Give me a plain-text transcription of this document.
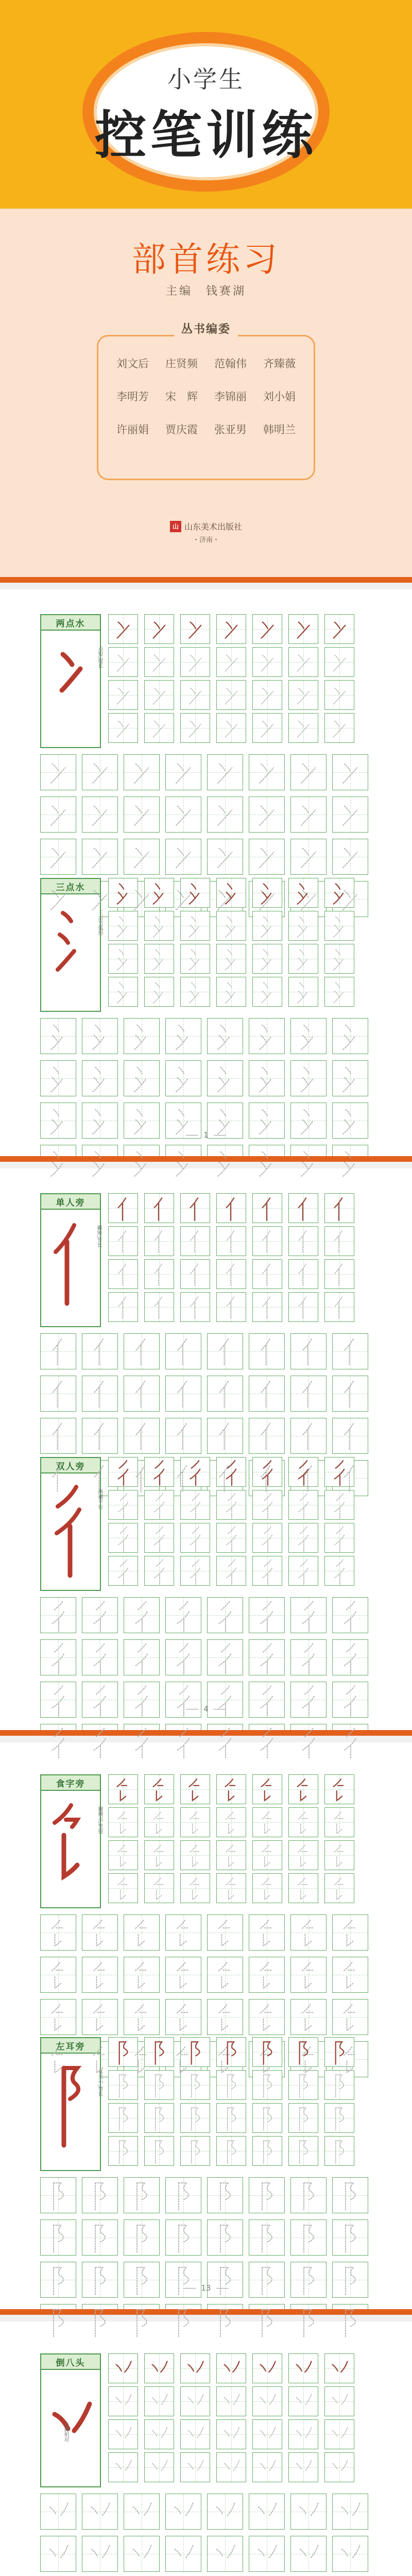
小学生
控笔训练
部首练习
主编　钱赛湖
丛书编委
刘文后	庄贤频	范翰伟	齐臻薇
李明芳	宋　辉	李锦丽	刘小娟
许丽娟	贾庆霞	张亚男	韩明兰
山 山东美术出版社
・济南・
两点水
点短,提长
三点水
三点呈弧形
1
单人旁
撇短,竖长
双人旁
两撇平行
4
食字旁
撇横点,竖提
左耳旁
耳朵小,竖长
13
倒八头
点撇相对
